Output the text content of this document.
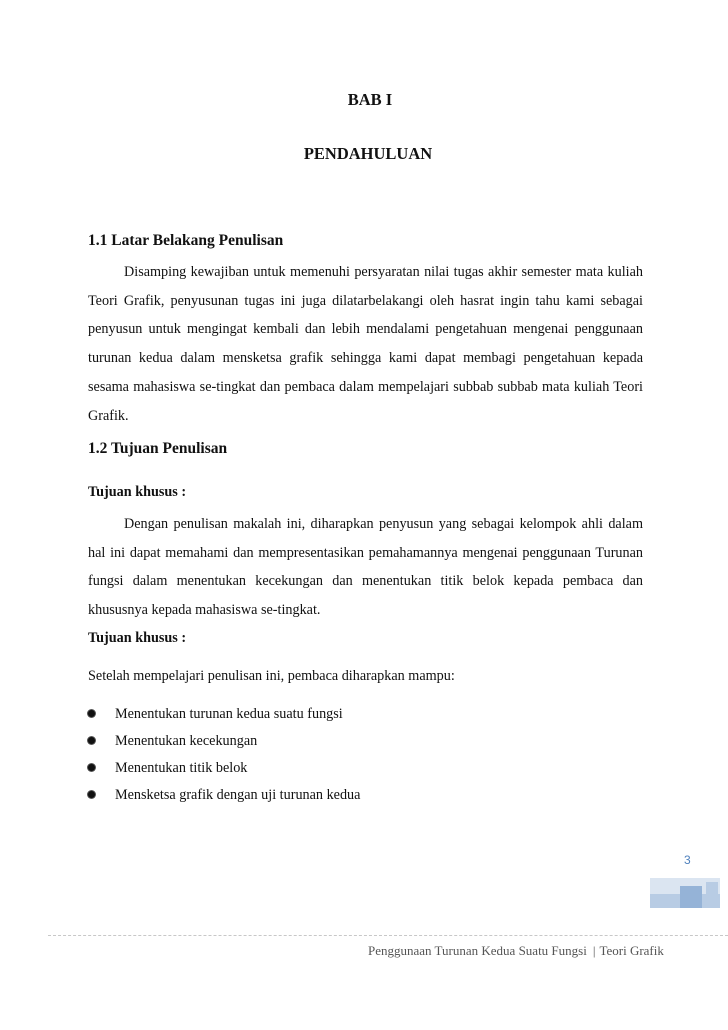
BAB I
PENDAHULUAN
1.1 Latar Belakang Penulisan

Disamping kewajiban untuk memenuhi persyaratan nilai tugas akhir semester mata kuliah Teori Grafik, penyusunan tugas ini juga dilatarbelakangi oleh hasrat ingin tahu kami sebagai penyusun untuk mengingat kembali dan lebih mendalami pengetahuan mengenai penggunaan turunan kedua dalam mensketsa grafik sehingga kami dapat membagi pengetahuan kepada sesama mahasiswa se-tingkat dan pembaca dalam mempelajari subbab subbab mata kuliah Teori Grafik.

1.2 Tujuan Penulisan

Tujuan khusus :

Dengan penulisan makalah ini, diharapkan penyusun yang sebagai kelompok ahli dalam hal ini dapat memahami dan mempresentasikan pemahamannya mengenai penggunaan Turunan fungsi dalam menentukan kecekungan dan menentukan titik belok kepada pembaca dan khususnya kepada mahasiswa se-tingkat.

Tujuan khusus :

Setelah mempelajari penulisan ini, pembaca diharapkan mampu:

Menentukan turunan kedua suatu fungsi
Menentukan kecekungan
Menentukan titik belok
Mensketsa grafik dengan uji turunan kedua
3
Penggunaan Turunan Kedua Suatu Fungsi | Teori Grafik
